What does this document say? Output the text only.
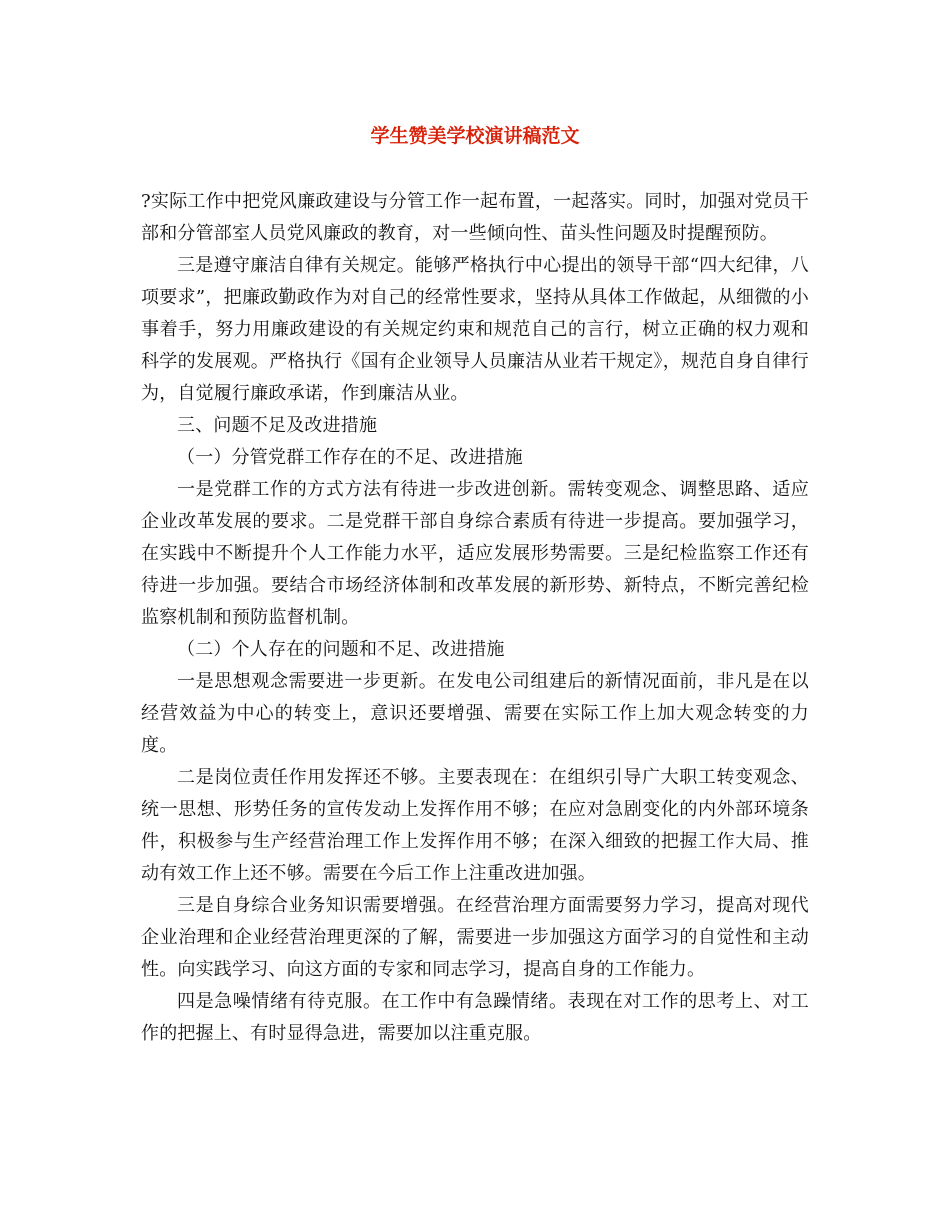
学生赞美学校演讲稿范文

?实际工作中把党风廉政建设与分管工作一起布置，一起落实。同时，加强对党员干部和分管部室人员党风廉政的教育，对一些倾向性、苗头性问题及时提醒预防。

三是遵守廉洁自律有关规定。能够严格执行中心提出的领导干部“四大纪律，八项要求”，把廉政勤政作为对自己的经常性要求，坚持从具体工作做起，从细微的小事着手，努力用廉政建设的有关规定约束和规范自己的言行，树立正确的权力观和科学的发展观。严格执行《国有企业领导人员廉洁从业若干规定》，规范自身自律行为，自觉履行廉政承诺，作到廉洁从业。

三、问题不足及改进措施

（一）分管党群工作存在的不足、改进措施

一是党群工作的方式方法有待进一步改进创新。需转变观念、调整思路、适应企业改革发展的要求。二是党群干部自身综合素质有待进一步提高。要加强学习，在实践中不断提升个人工作能力水平，适应发展形势需要。三是纪检监察工作还有待进一步加强。要结合市场经济体制和改革发展的新形势、新特点，不断完善纪检监察机制和预防监督机制。

（二）个人存在的问题和不足、改进措施

一是思想观念需要进一步更新。在发电公司组建后的新情况面前，非凡是在以经营效益为中心的转变上，意识还要增强、需要在实际工作上加大观念转变的力度。

二是岗位责任作用发挥还不够。主要表现在：在组织引导广大职工转变观念、统一思想、形势任务的宣传发动上发挥作用不够；在应对急剧变化的内外部环境条件，积极参与生产经营治理工作上发挥作用不够；在深入细致的把握工作大局、推动有效工作上还不够。需要在今后工作上注重改进加强。

三是自身综合业务知识需要增强。在经营治理方面需要努力学习，提高对现代企业治理和企业经营治理更深的了解，需要进一步加强这方面学习的自觉性和主动性。向实践学习、向这方面的专家和同志学习，提高自身的工作能力。

四是急噪情绪有待克服。在工作中有急躁情绪。表现在对工作的思考上、对工作的把握上、有时显得急进，需要加以注重克服。
